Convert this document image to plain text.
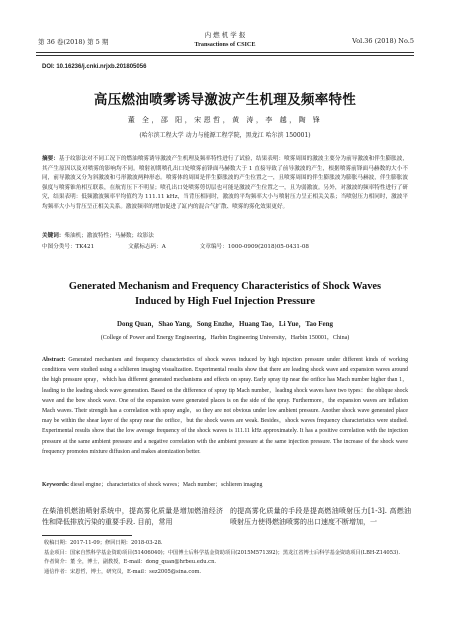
第 36 卷(2018) 第 5 期
内 燃 机 学 报
Transactions of CSICE	Vol.36 (2018) No.5
DOI: 10.16236/j.cnki.nrjxb.201805056
高压燃油喷雾诱导激波产生机理及频率特性
董 全，邵 阳，宋恩哲，黄 涛，李 越，陶 锋
(哈尔滨工程大学 动力与能源工程学院，黑龙江 哈尔滨 150001)
摘要：基于纹影法对不同工况下的燃油喷雾诱导激波产生机理及频率特性进行了试验，结果表明：喷雾周围的激波主要分为前导激波和伴生膨胀波，其产生原因以及对喷雾的影响均不同。喷射初期喷孔出口处喷雾前锋面马赫数大于 1 直接导致了前导激波的产生，根据喷雾前锋面马赫数的大小不同，前导激波又分为斜激波和弓形激波两种形态。喷雾体的周围是伴生膨胀波的产生位置之一，且喷雾周围的伴生膨胀波为膨胀马赫波，伴生膨胀波强度与喷雾锥角相互联系，在航宵压下不明显；喷孔出口处喷雾剪切层也可能是激波产生位置之一，且为弱激波。另外，对激波的频率特性进行了研究，结果表明：低频激波频率平均值约为 111.11 kHz，当背压相同时，激波的平均频率大小与喷射压力呈正相关关系；当喷射压力相同时，激波平均频率大小与背压呈正相关关系。激波频率的增加促进了缸内的混合气扩散、喷雾的雾化效果更好。
关键词：柴油机；激波特性；马赫数；纹影法
中图分类号：TK421	文献标志码：A	文章编号：1000-0909(2018)05-0431-08
Generated Mechanism and Frequency Characteristics of Shock Waves
Induced by High Fuel Injection Pressure
Dong Quan，Shao Yang，Song Enzhe，Huang Tao，Li Yue，Tao Feng
(College of Power and Energy Engineering，Harbin Engineering University，Harbin 150001，China)
Abstract: Generated mechanism and frequency characteristics of shock waves induced by high injection pressure under different kinds of working conditions were studied using a schlieren imaging visualization. Experimental results show that there are leading shock wave and expansion waves around the high pressure spray，which has different generated mechanisms and effects on spray. Early spray tip near the orifice has Mach number higher than 1，leading to the leading shock wave generation. Based on the difference of spray tip Mach number，leading shock waves have two types：the oblique shock wave and the bow shock wave. One of the expansion wave generated places is on the side of the spray. Furthermore，the expansion waves are inflation Mach waves. Their strength has a correlation with spray angle，so they are not obvious under low ambient pressure. Another shock wave generated place may be within the shear layer of the spray near the orifice，but the shock waves are weak. Besides，shock waves frequency characteristics were studied. Experimental results show that the low average frequency of the shock waves is 111.11 kHz approximately. It has a positive correlation with the injection pressure at the same ambient pressure and a negative correlation with the ambient pressure at the same injection pressure. The increase of the shock wave frequency promotes mixture diffusion and makes atomization better.
Keywords: diesel engine；characteristics of shock waves；Mach number；schlieren imaging
在柴油机燃油喷射系统中，提高雾化质量是增加燃油经济性和降低排放污染的重要手段. 目前，常用
的提高雾化质量的手段是提高燃油喷射压力[1-3]. 高燃油喷射压力使得燃油喷雾的出口速度不断增加，一
收稿日期：2017-11-09；修回日期：2018-03-28.
基金项目：国家自然科学基金资助项目(51406040)；中国博士后科学基金资助项目(2015M571392)；黑龙江省博士后科学基金资助项目(LBH-Z14053).
作者简介：董 全，博士，副教授，E-mail：dong_quan@hrbeu.edu.cn.
通信作者：宋恩哲，博士，研究员，E-mail：sez2005@sina.com.
